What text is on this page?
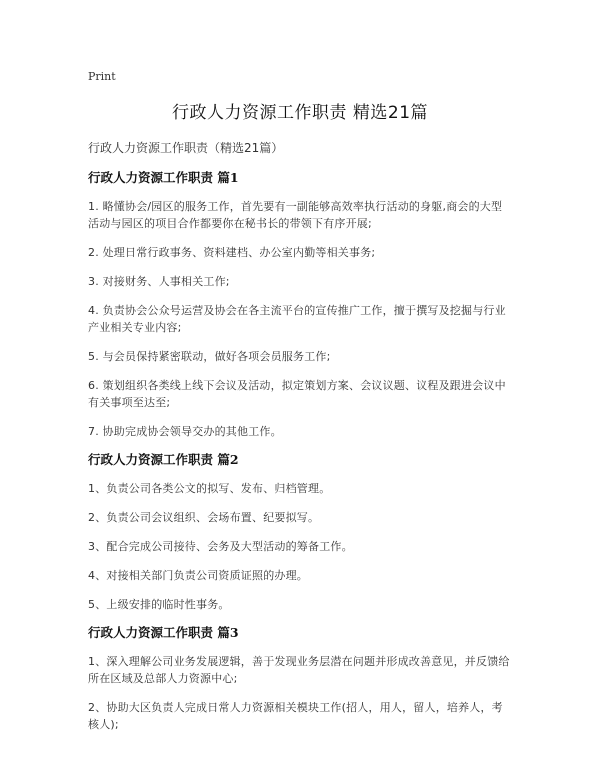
Print
行政人力资源工作职责 精选21篇
行政人力资源工作职责（精选21篇）
行政人力资源工作职责 篇1

1. 略懂协会/园区的服务工作，首先要有一副能够高效率执行活动的身躯,商会的大型活动与园区的项目合作都要你在秘书长的带领下有序开展;

2. 处理日常行政事务、资料建档、办公室内勤等相关事务;

3. 对接财务、人事相关工作;

4. 负责协会公众号运营及协会在各主流平台的宣传推广工作，擅于撰写及挖掘与行业产业相关专业内容;

5. 与会员保持紧密联动，做好各项会员服务工作;

6. 策划组织各类线上线下会议及活动，拟定策划方案、会议议题、议程及跟进会议中有关事项至达至;

7. 协助完成协会领导交办的其他工作。

行政人力资源工作职责 篇2

1、负责公司各类公文的拟写、发布、归档管理。

2、负责公司会议组织、会场布置、纪要拟写。

3、配合完成公司接待、会务及大型活动的筹备工作。

4、对接相关部门负责公司资质证照的办理。

5、上级安排的临时性事务。

行政人力资源工作职责 篇3

1、深入理解公司业务发展逻辑，善于发现业务层潜在问题并形成改善意见，并反馈给所在区域及总部人力资源中心;

2、协助大区负责人完成日常人力资源相关模块工作(招人，用人，留人，培养人，考核人);
